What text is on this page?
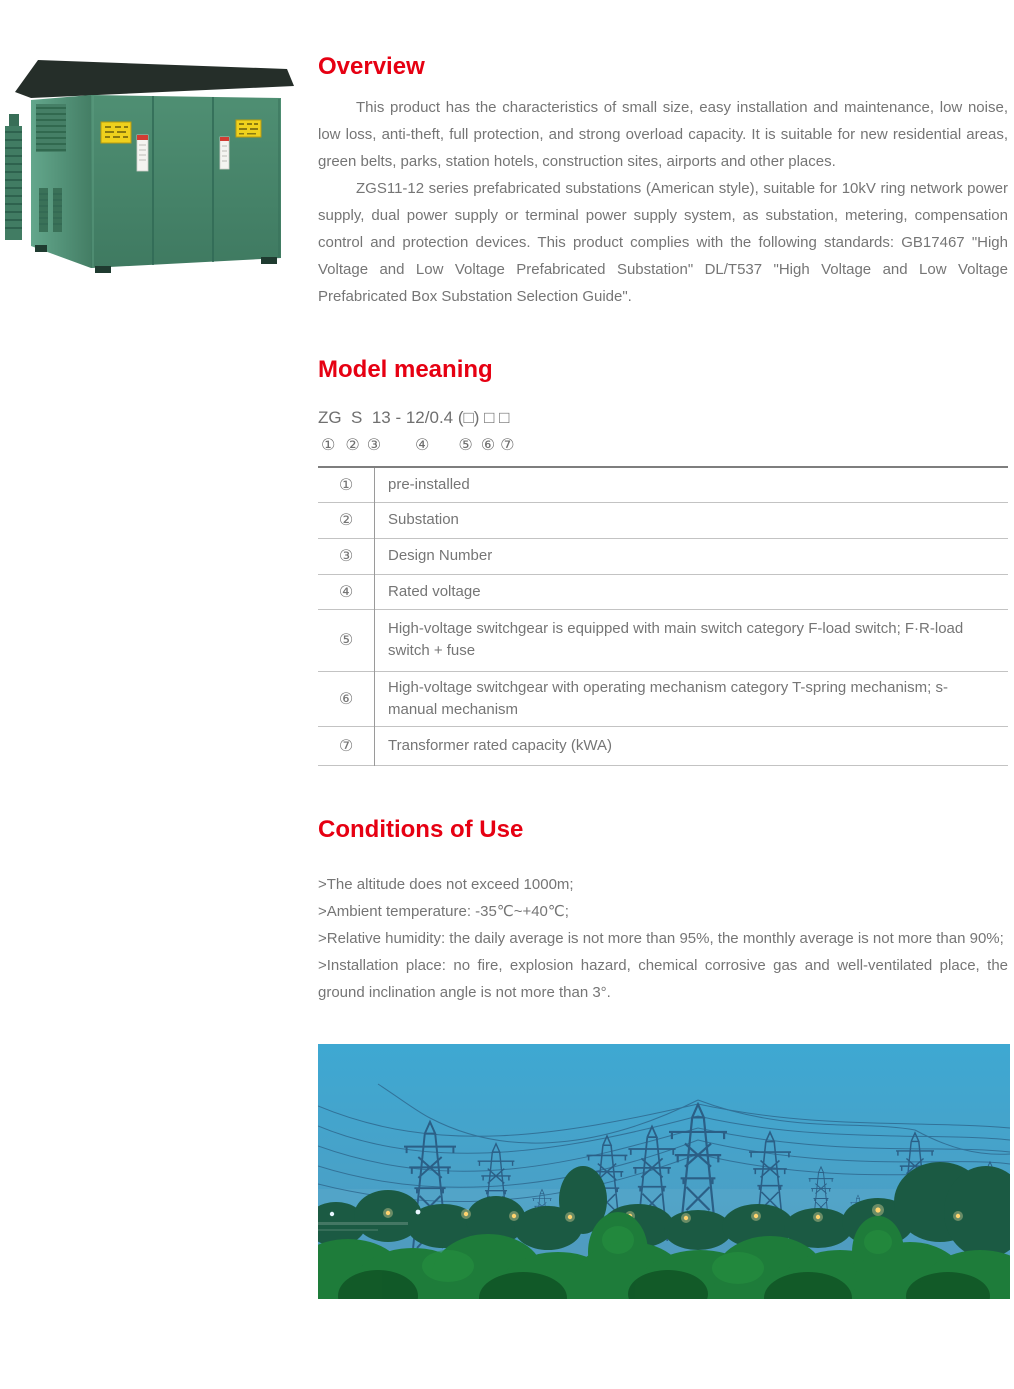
Overview

This product has the characteristics of small size, easy installation and maintenance, low noise, low loss, anti-theft, full protection, and strong overload capacity. It is suitable for new residential areas, green belts, parks, station hotels, construction sites, airports and other places.

ZGS11-12 series prefabricated substations (American style), suitable for 10kV ring network power supply, dual power supply or terminal power supply system, as substation, metering, compensation control and protection devices. This product complies with the following standards: GB17467 "High Voltage and Low Voltage Prefabricated Substation" DL/T537 "High Voltage and Low Voltage Prefabricated Box Substation Selection Guide".

Model meaning
ZG  S  13 - 12/0.4 (□) □ □
① ② ③ ④ ⑤ ⑥ ⑦
①	pre-installed
②	Substation
③	Design Number
④	Rated voltage
⑤	High-voltage switchgear is equipped with main switch category F-load switch; F·R-load switch + fuse
⑥	High-voltage switchgear with operating mechanism category T-spring mechanism; s-manual mechanism
⑦	Transformer rated capacity (kWA)
Conditions of Use

>The altitude does not exceed 1000m;

>Ambient temperature: -35℃~+40℃;

>Relative humidity: the daily average is not more than 95%, the monthly average is not more than 90%;

>Installation place: no fire, explosion hazard, chemical corrosive gas and well-ventilated place, the ground inclination angle is not more than 3°.
